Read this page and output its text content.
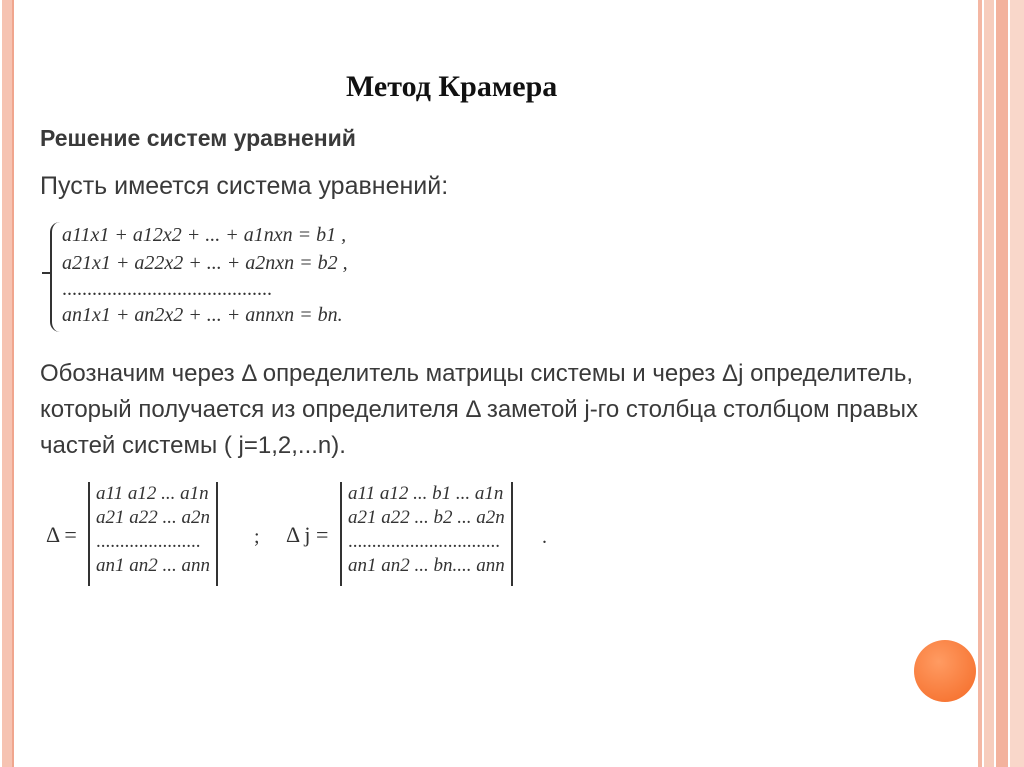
Метод Крамера
Решение систем уравнений
Пусть имеется система уравнений:
a11x1 + a12x2 + ... + a1nxn = b1 ,
a21x1 + a22x2 + ... + a2nxn = b2 ,
..........................................
an1x1 + an2x2 + ... + annxn = bn.
Обозначим через Δ определитель матрицы системы и через Δj определитель, который получается из определителя Δ заметой j-го столбца столбцом правых частей системы ( j=1,2,...n).
Δ =
a11 a12 ... a1n
a21 a22 ... a2n
......................
an1 an2 ... ann
; Δ j =
a11 a12 ... b1 ... a1n
a21 a22 ... b2 ... a2n
................................
an1 an2 ... bn.... ann
.
